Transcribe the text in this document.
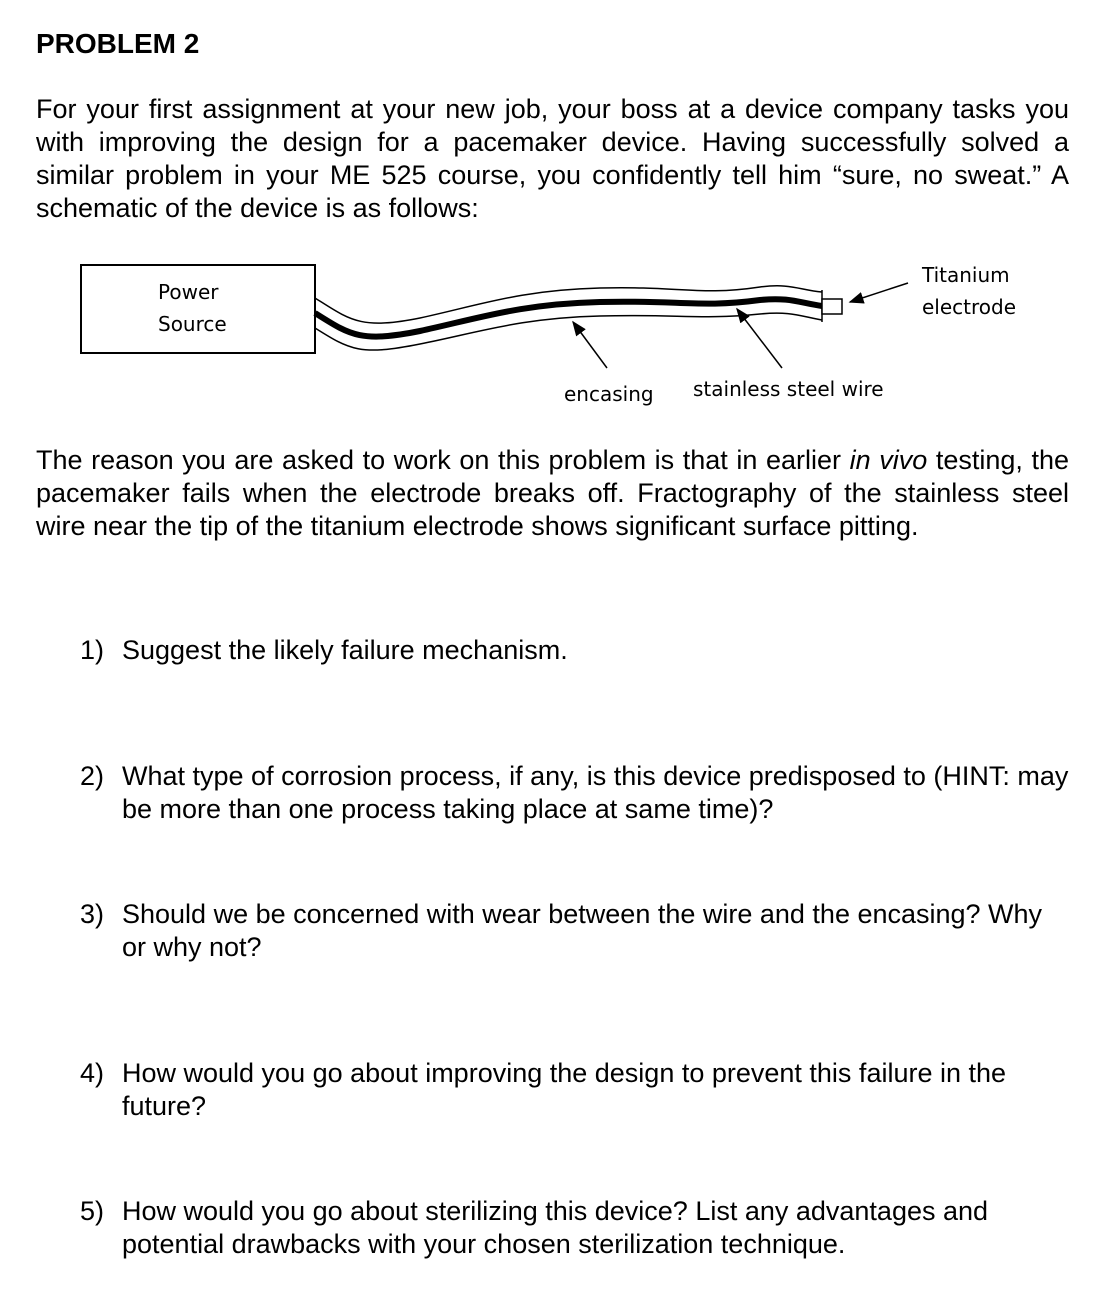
PROBLEM 2

For your first assignment at your new job, your boss at a device company tasks you with improving the design for a pacemaker device. Having successfully solved a similar problem in your ME 525 course, you confidently tell him “sure, no sweat.” A schematic of the device is as follows:

Power
Source
Titanium
electrode
encasing stainless steel wire

The reason you are asked to work on this problem is that in earlier in vivo testing, the pacemaker fails when the electrode breaks off. Fractography of the stainless steel wire near the tip of the titanium electrode shows significant surface pitting.

1) Suggest the likely failure mechanism.
2) What type of corrosion process, if any, is this device predisposed to (HINT: may be more than one process taking place at same time)?
3) Should we be concerned with wear between the wire and the encasing? Why or why not?
4) How would you go about improving the design to prevent this failure in the future?
5) How would you go about sterilizing this device? List any advantages and potential drawbacks with your chosen sterilization technique.
